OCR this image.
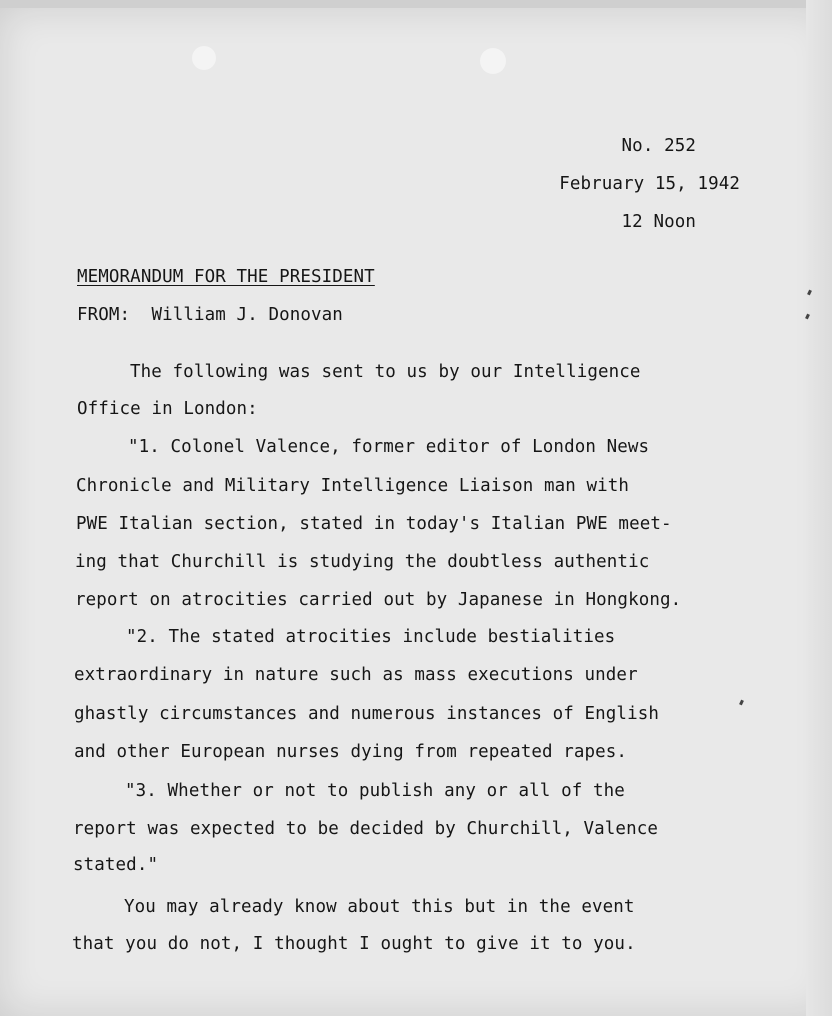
No. 252
February 15, 1942
12 Noon
MEMORANDUM FOR THE PRESIDENT
FROM: William J. Donovan
The following was sent to us by our Intelligence
Office in London:
"1. Colonel Valence, former editor of London News
Chronicle and Military Intelligence Liaison man with
PWE Italian section, stated in today's Italian PWE meet-
ing that Churchill is studying the doubtless authentic
report on atrocities carried out by Japanese in Hongkong.
"2. The stated atrocities include bestialities
extraordinary in nature such as mass executions under
ghastly circumstances and numerous instances of English
and other European nurses dying from repeated rapes.
"3. Whether or not to publish any or all of the
report was expected to be decided by Churchill, Valence
stated."
You may already know about this but in the event
that you do not, I thought I ought to give it to you.
